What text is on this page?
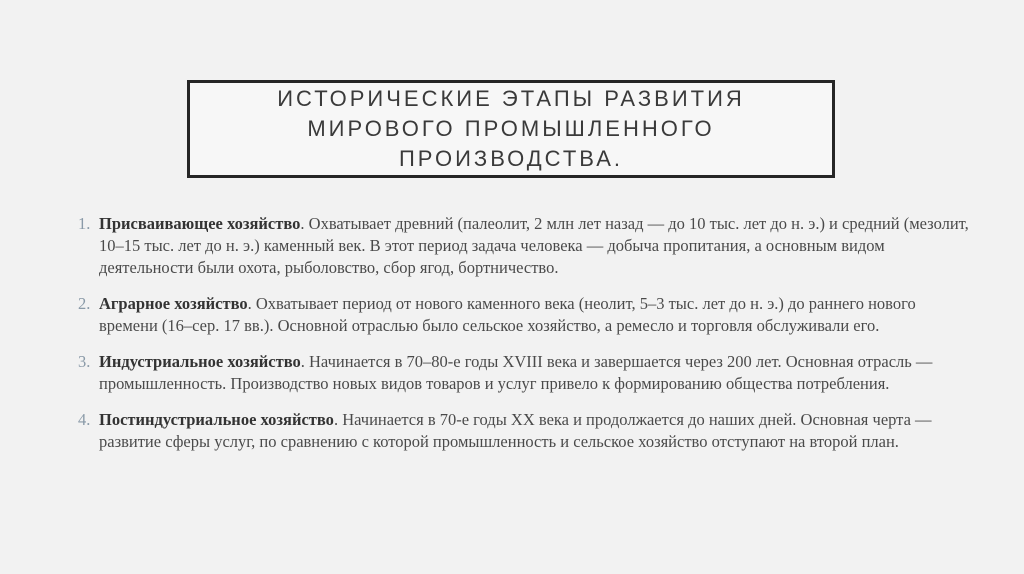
ИСТОРИЧЕСКИЕ ЭТАПЫ РАЗВИТИЯ МИРОВОГО ПРОМЫШЛЕННОГО ПРОИЗВОДСТВА.
1. Присваивающее хозяйство. Охватывает древний (палеолит, 2 млн лет назад — до 10 тыс. лет до н. э.) и средний (мезолит, 10–15 тыс. лет до н. э.) каменный век. В этот период задача человека — добыча пропитания, а основным видом деятельности были охота, рыболовство, сбор ягод, бортничество.
2. Аграрное хозяйство. Охватывает период от нового каменного века (неолит, 5–3 тыс. лет до н. э.) до раннего нового времени (16–сер. 17 вв.). Основной отраслью было сельское хозяйство, а ремесло и торговля обслуживали его.
3. Индустриальное хозяйство. Начинается в 70–80-е годы XVIII века и завершается через 200 лет. Основная отрасль — промышленность. Производство новых видов товаров и услуг привело к формированию общества потребления.
4. Постиндустриальное хозяйство. Начинается в 70-е годы XX века и продолжается до наших дней. Основная черта — развитие сферы услуг, по сравнению с которой промышленность и сельское хозяйство отступают на второй план.
